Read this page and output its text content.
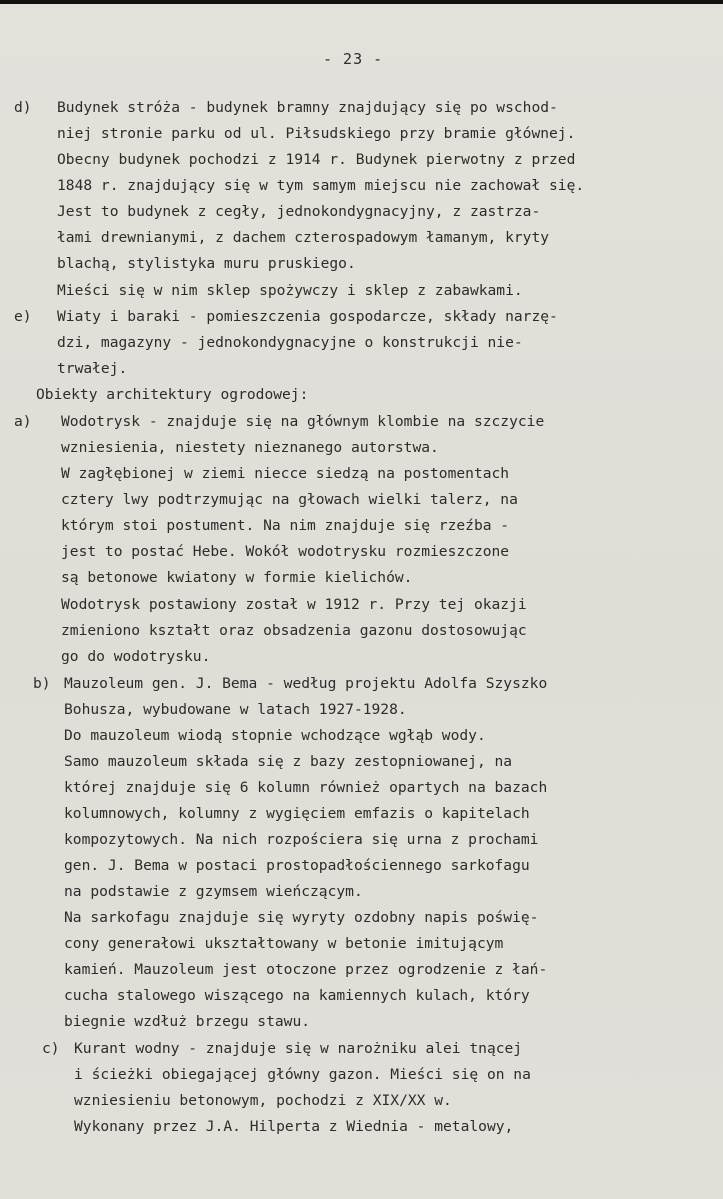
- 23 -
d) Budynek stróża - budynek bramny znajdujący się po wschod-
niej stronie parku od ul. Piłsudskiego przy bramie głównej.
Obecny budynek pochodzi z 1914 r. Budynek pierwotny z przed
1848 r. znajdujący się w tym samym miejscu nie zachował się.
Jest to budynek z cegły, jednokondygnacyjny, z zastrza-
łami drewnianymi, z dachem czterospadowym łamanym, kryty
blachą, stylistyka muru pruskiego.
Mieści się w nim sklep spożywczy i sklep z zabawkami.
e) Wiaty i baraki - pomieszczenia gospodarcze, składy narzę-
dzi, magazyny - jednokondygnacyjne o konstrukcji nie-
trwałej.
Obiekty architektury ogrodowej:
a) Wodotrysk - znajduje się na głównym klombie na szczycie
wzniesienia, niestety nieznanego autorstwa.
W zagłębionej w ziemi niecce siedzą na postomentach
cztery lwy podtrzymując na głowach wielki talerz, na
którym stoi postument. Na nim znajduje się rzeźba -
jest to postać Hebe. Wokół wodotrysku rozmieszczone
są betonowe kwiatony w formie kielichów.
Wodotrysk postawiony został w 1912 r. Przy tej okazji
zmieniono kształt oraz obsadzenia gazonu dostosowując
go do wodotrysku.
b) Mauzoleum gen. J. Bema - według projektu Adolfa Szyszko
Bohusza, wybudowane w latach 1927-1928.
Do mauzoleum wiodą stopnie wchodzące wgłąb wody.
Samo mauzoleum składa się z bazy zestopniowanej, na
której znajduje się 6 kolumn również opartych na bazach
kolumnowych, kolumny z wygięciem emfazis o kapitelach
kompozytowych. Na nich rozpościera się urna z prochami
gen. J. Bema w postaci prostopadłościennego sarkofagu
na podstawie z gzymsem wieńczącym.
Na sarkofagu znajduje się wyryty ozdobny napis poświę-
cony generałowi ukształtowany w betonie imitującym
kamień. Mauzoleum jest otoczone przez ogrodzenie z łań-
cucha stalowego wiszącego na kamiennych kulach, który
biegnie wzdłuż brzegu stawu.
c) Kurant wodny - znajduje się w narożniku alei tnącej
i ścieżki obiegającej główny gazon. Mieści się on na
wzniesieniu betonowym, pochodzi z XIX/XX w.
Wykonany przez J.A. Hilperta z Wiednia - metalowy,
